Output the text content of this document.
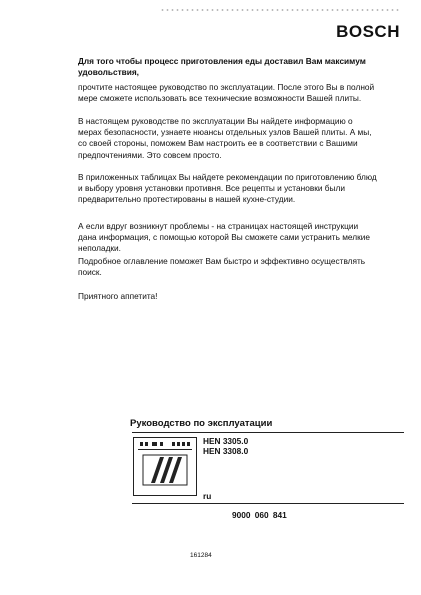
BOSCH
Для того чтобы процесс приготовления еды доставил Вам максимум удовольствия,
прочтите настоящее руководство по эксплуатации. После этого Вы в полной мере сможете использовать все технические возможности Вашей плиты.
В настоящем руководстве по эксплуатации Вы найдете информацию о мерах безопасности, узнаете нюансы отдельных узлов Вашей плиты. А мы, со своей стороны, поможем Вам настроить ее в соответствии с Вашими предпочтениями. Это совсем просто.
В приложенных таблицах Вы найдете рекомендации по приготовлению блюд и выбору уровня установки противня. Все рецепты и установки были предварительно протестированы в нашей кухне-студии.
А если вдруг возникнут проблемы - на страницах настоящей инструкции дана информация, с помощью которой Вы сможете сами устранить мелкие неполадки.
Подробное оглавление поможет Вам быстро и эффективно осуществлять поиск.
Приятного аппетита!
Руководство по эксплуатации
HEN 3305.0
HEN 3308.0
ru
9000 060 841
161284
